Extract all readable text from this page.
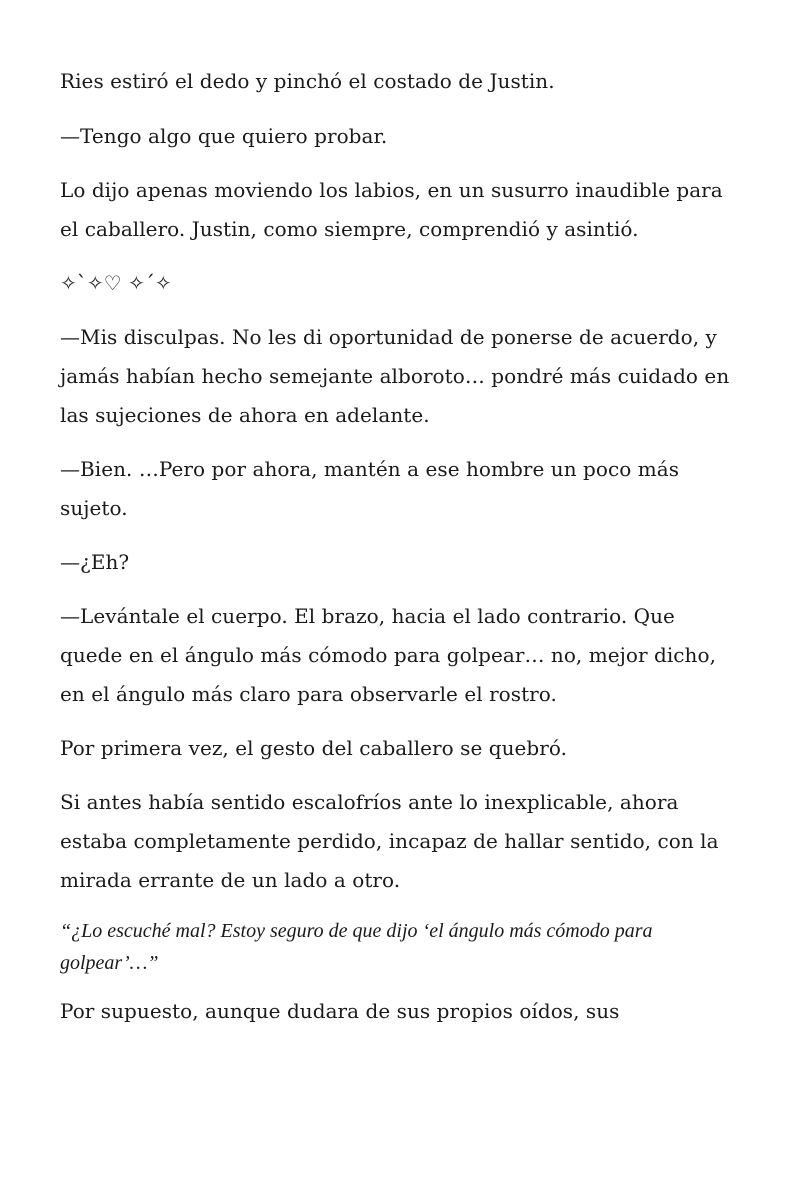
Ries estiró el dedo y pinchó el costado de Justin.

—Tengo algo que quiero probar.

Lo dijo apenas moviendo los labios, en un susurro inaudible para el caballero. Justin, como siempre, comprendió y asintió.

✧`✧♡ ✧´✧

—Mis disculpas. No les di oportunidad de ponerse de acuerdo, y jamás habían hecho semejante alboroto… pondré más cuidado en las sujeciones de ahora en adelante.

—Bien. …Pero por ahora, mantén a ese hombre un poco más sujeto.

—¿Eh?

—Levántale el cuerpo. El brazo, hacia el lado contrario. Que quede en el ángulo más cómodo para golpear… no, mejor dicho, en el ángulo más claro para observarle el rostro.

Por primera vez, el gesto del caballero se quebró.

Si antes había sentido escalofríos ante lo inexplicable, ahora estaba completamente perdido, incapaz de hallar sentido, con la mirada errante de un lado a otro.

“¿Lo escuché mal? Estoy seguro de que dijo ‘el ángulo más cómodo para golpear’…”

Por supuesto, aunque dudara de sus propios oídos, sus
